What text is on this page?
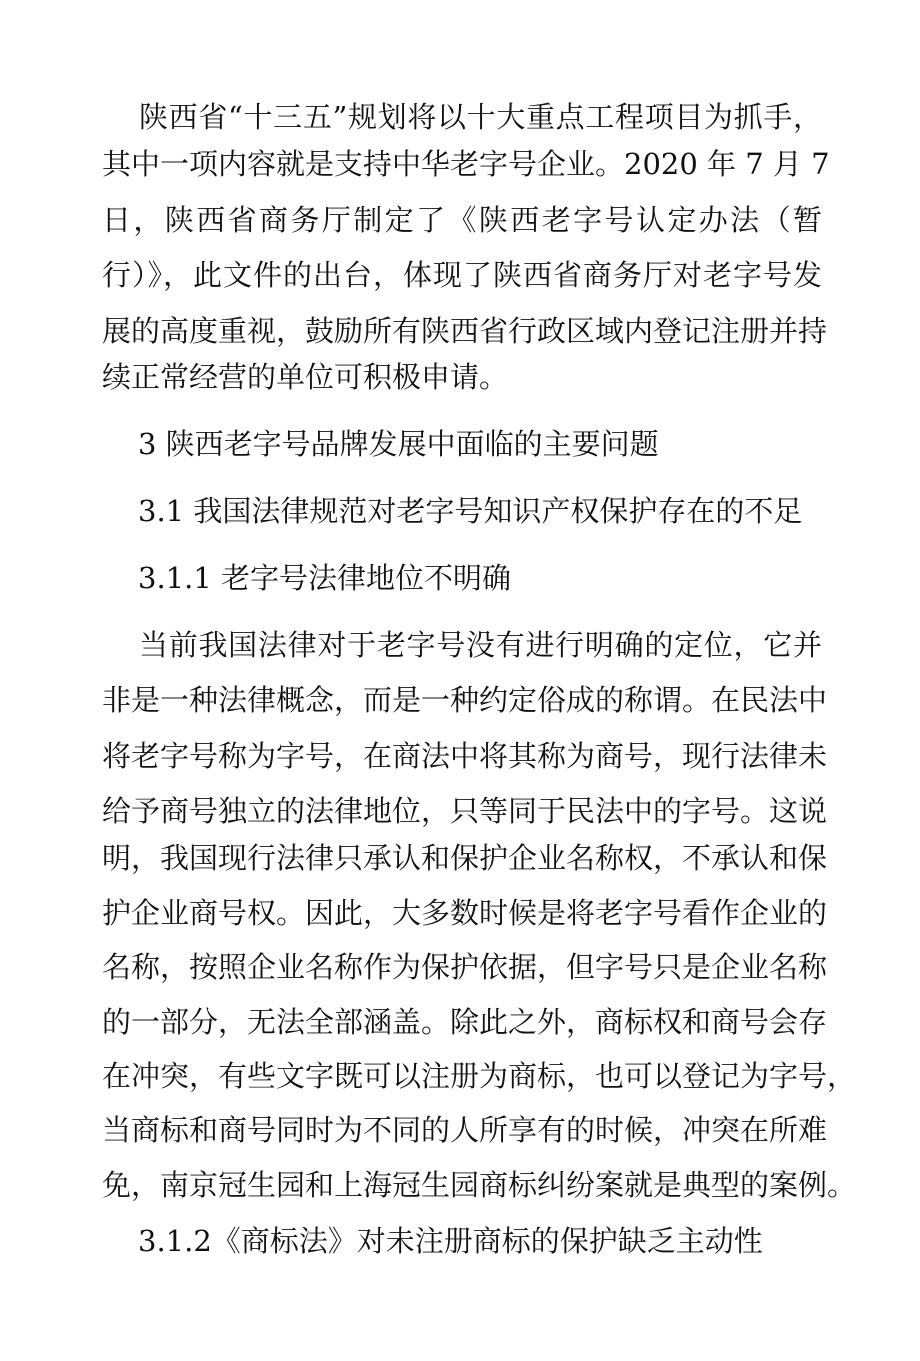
陕西省“十三五”规划将以十大重点工程项目为抓手，
其中一项内容就是支持中华老字号企业。2020 年 7 月 7
日，陕西省商务厅制定了《陕西老字号认定办法（暂
行）》，此文件的出台，体现了陕西省商务厅对老字号发
展的高度重视，鼓励所有陕西省行政区域内登记注册并持
续正常经营的单位可积极申请。
3 陕西老字号品牌发展中面临的主要问题
3.1 我国法律规范对老字号知识产权保护存在的不足
3.1.1 老字号法律地位不明确
当前我国法律对于老字号没有进行明确的定位，它并
非是一种法律概念，而是一种约定俗成的称谓。在民法中
将老字号称为字号，在商法中将其称为商号，现行法律未
给予商号独立的法律地位，只等同于民法中的字号。这说
明，我国现行法律只承认和保护企业名称权，不承认和保
护企业商号权。因此，大多数时候是将老字号看作企业的
名称，按照企业名称作为保护依据，但字号只是企业名称
的一部分，无法全部涵盖。除此之外，商标权和商号会存
在冲突，有些文字既可以注册为商标，也可以登记为字号，
当商标和商号同时为不同的人所享有的时候，冲突在所难
免，南京冠生园和上海冠生园商标纠纷案就是典型的案例。
3.1.2《商标法》对未注册商标的保护缺乏主动性
